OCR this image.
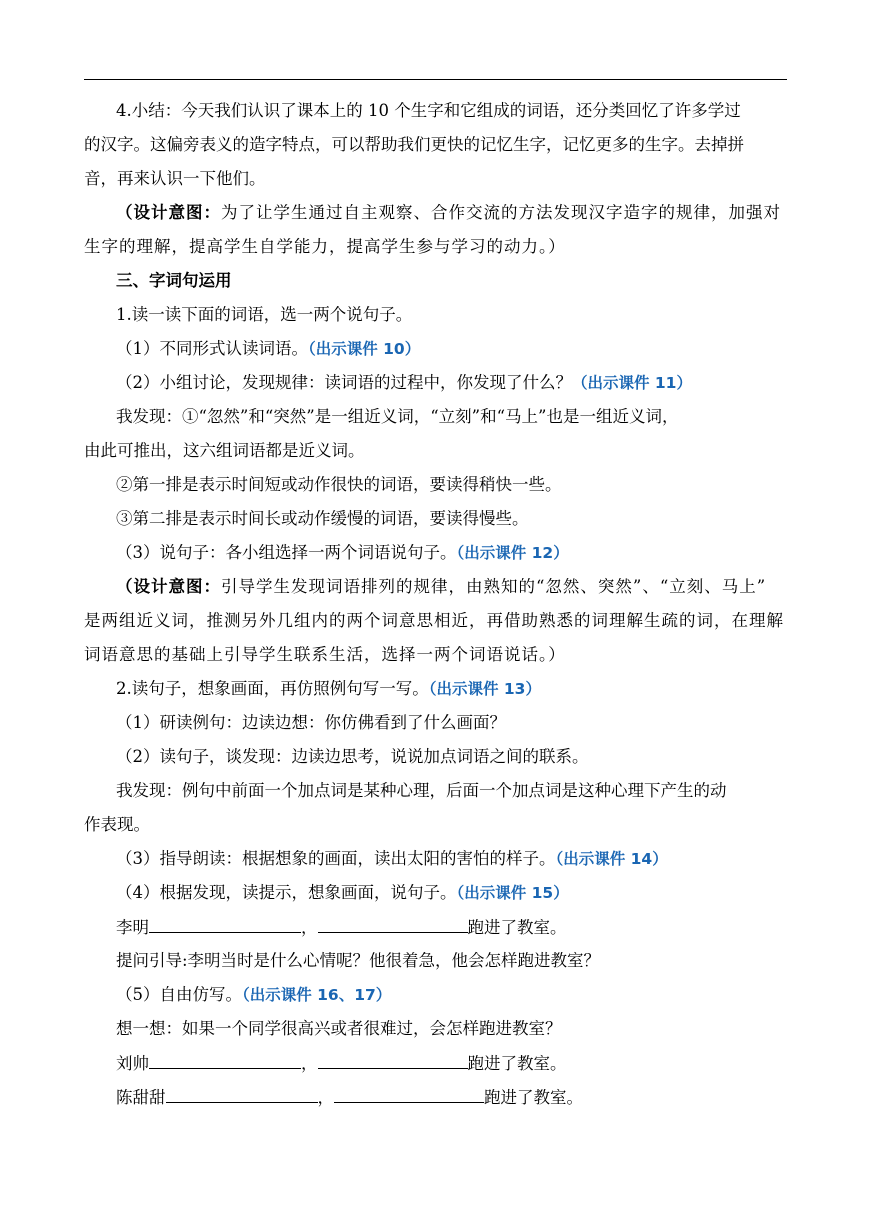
4.小结：今天我们认识了课本上的 10 个生字和它组成的词语，还分类回忆了许多学过
的汉字。这偏旁表义的造字特点，可以帮助我们更快的记忆生字，记忆更多的生字。去掉拼
音，再来认识一下他们。
（设计意图：为了让学生通过自主观察、合作交流的方法发现汉字造字的规律，加强对
生字的理解，提高学生自学能力，提高学生参与学习的动力。）
三、字词句运用
1.读一读下面的词语，选一两个说句子。
（1）不同形式认读词语。（出示课件 10）
（2）小组讨论，发现规律：读词语的过程中，你发现了什么？（出示课件 11）
我发现：①“忽然”和“突然”是一组近义词，“立刻”和“马上”也是一组近义词，
由此可推出，这六组词语都是近义词。
②第一排是表示时间短或动作很快的词语，要读得稍快一些。
③第二排是表示时间长或动作缓慢的词语，要读得慢些。
（3）说句子：各小组选择一两个词语说句子。（出示课件 12）
（设计意图：引导学生发现词语排列的规律，由熟知的“忽然、突然”、“立刻、马上”
是两组近义词，推测另外几组内的两个词意思相近，再借助熟悉的词理解生疏的词，在理解
词语意思的基础上引导学生联系生活，选择一两个词语说话。）
2.读句子，想象画面，再仿照例句写一写。（出示课件 13）
（1）研读例句：边读边想：你仿佛看到了什么画面？
（2）读句子，谈发现：边读边思考，说说加点词语之间的联系。
我发现：例句中前面一个加点词是某种心理，后面一个加点词是这种心理下产生的动
作表现。
（3）指导朗读：根据想象的画面，读出太阳的害怕的样子。（出示课件 14）
（4）根据发现，读提示，想象画面，说句子。（出示课件 15）
李明	，	跑进了教室。
提问引导:李明当时是什么心情呢？他很着急，他会怎样跑进教室？
（5）自由仿写。（出示课件 16、17）
想一想：如果一个同学很高兴或者很难过，会怎样跑进教室？
刘帅	，	跑进了教室。
陈甜甜	，	跑进了教室。
